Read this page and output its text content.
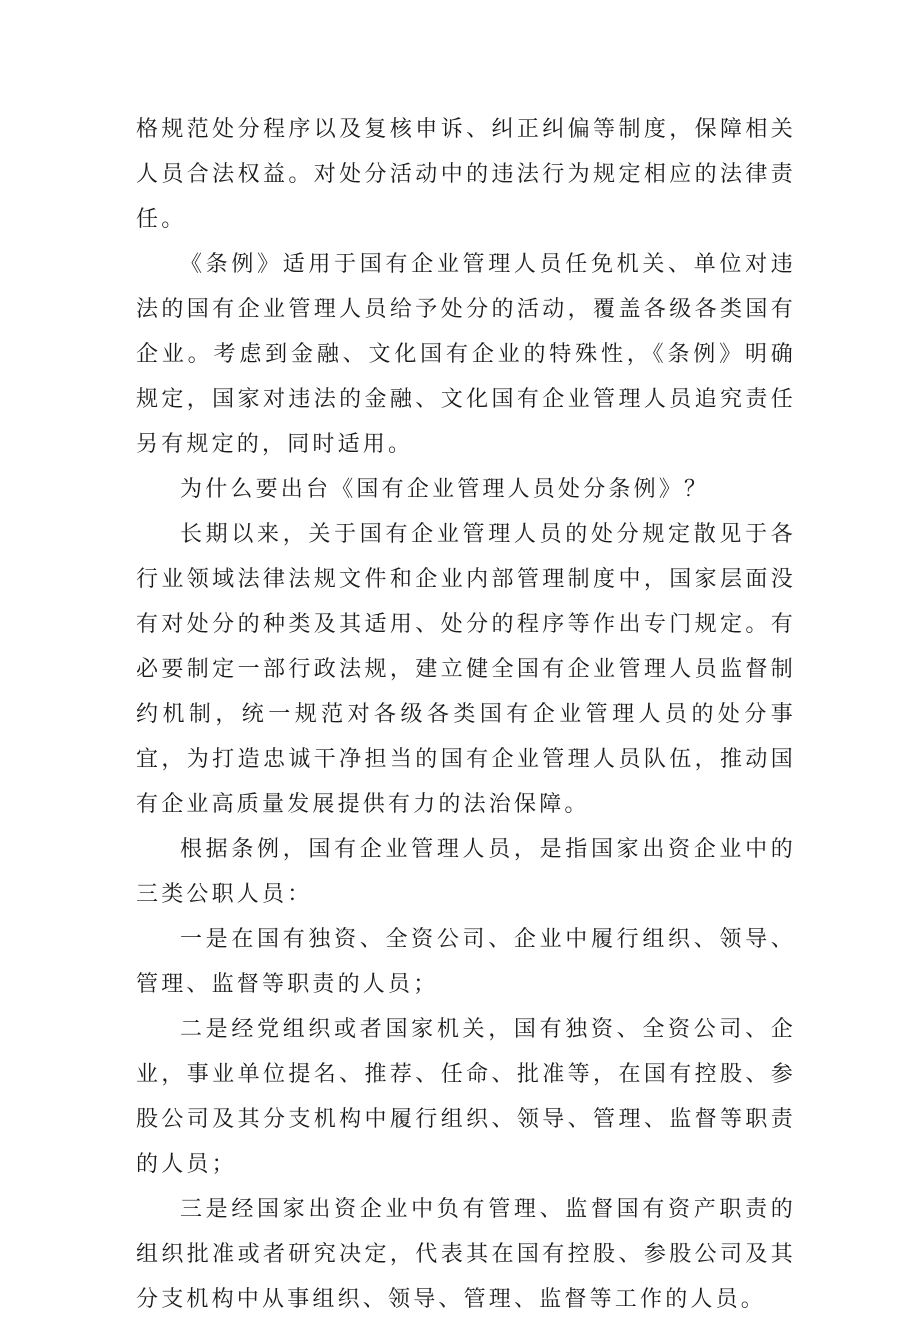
格规范处分程序以及复核申诉、纠正纠偏等制度，保障相关人员合法权益。对处分活动中的违法行为规定相应的法律责任。

《条例》适用于国有企业管理人员任免机关、单位对违法的国有企业管理人员给予处分的活动，覆盖各级各类国有企业。考虑到金融、文化国有企业的特殊性，《条例》明确规定，国家对违法的金融、文化国有企业管理人员追究责任另有规定的，同时适用。

为什么要出台《国有企业管理人员处分条例》？

长期以来，关于国有企业管理人员的处分规定散见于各行业领域法律法规文件和企业内部管理制度中，国家层面没有对处分的种类及其适用、处分的程序等作出专门规定。有必要制定一部行政法规，建立健全国有企业管理人员监督制约机制，统一规范对各级各类国有企业管理人员的处分事宜，为打造忠诚干净担当的国有企业管理人员队伍，推动国有企业高质量发展提供有力的法治保障。

根据条例，国有企业管理人员，是指国家出资企业中的三类公职人员：

一是在国有独资、全资公司、企业中履行组织、领导、管理、监督等职责的人员；

二是经党组织或者国家机关，国有独资、全资公司、企业，事业单位提名、推荐、任命、批准等，在国有控股、参股公司及其分支机构中履行组织、领导、管理、监督等职责的人员；

三是经国家出资企业中负有管理、监督国有资产职责的组织批准或者研究决定，代表其在国有控股、参股公司及其分支机构中从事组织、领导、管理、监督等工作的人员。
